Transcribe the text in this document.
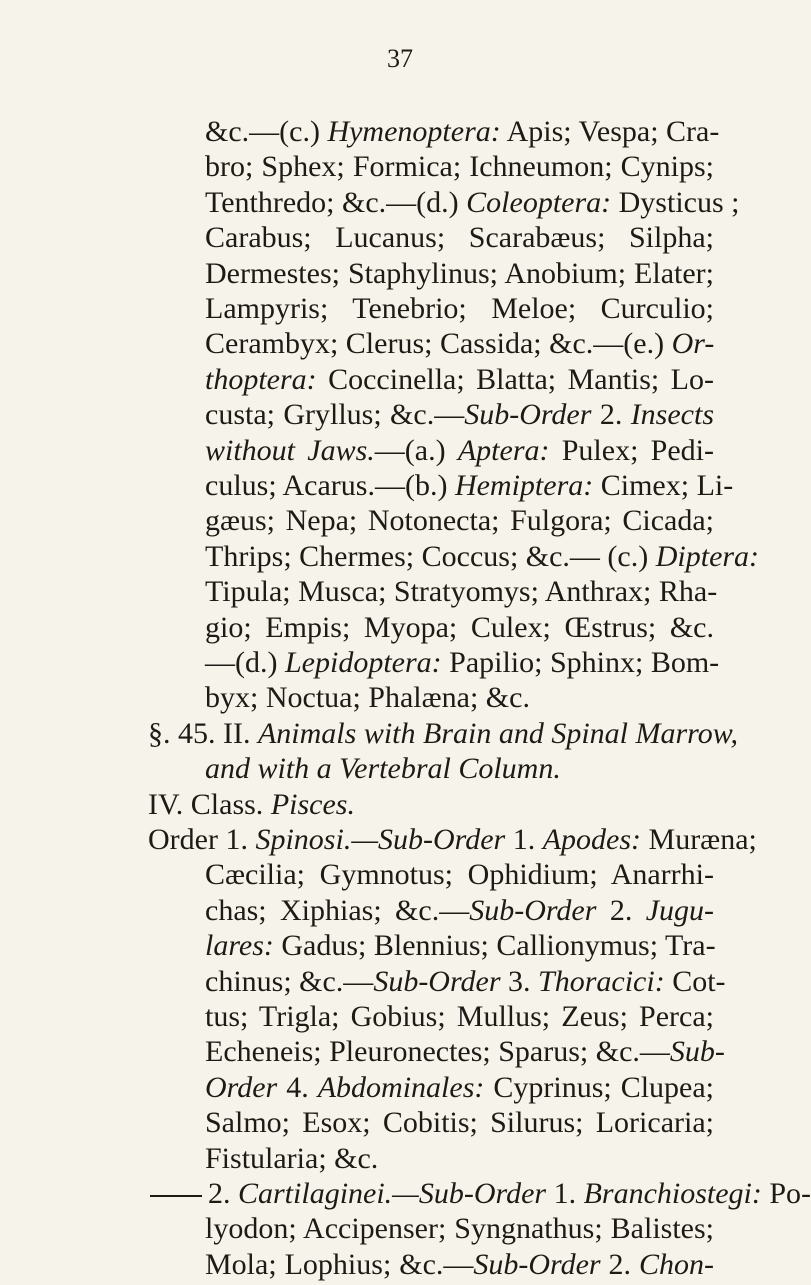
37
&c.—(c.) Hymenoptera: Apis; Vespa; Cra-
bro; Sphex; Formica; Ichneumon; Cynips;
Tenthredo; &c.—(d.) Coleoptera: Dysticus ;
Carabus; Lucanus; Scarabæus; Silpha;
Dermestes; Staphylinus; Anobium; Elater;
Lampyris; Tenebrio; Meloe; Curculio;
Cerambyx; Clerus; Cassida; &c.—(e.) Or-
thoptera: Coccinella; Blatta; Mantis; Lo-
custa; Gryllus; &c.—Sub-Order 2. Insects
without Jaws.—(a.) Aptera: Pulex; Pedi-
culus; Acarus.—(b.) Hemiptera: Cimex; Li-
gæus; Nepa; Notonecta; Fulgora; Cicada;
Thrips; Chermes; Coccus; &c.— (c.) Diptera:
Tipula; Musca; Stratyomys; Anthrax; Rha-
gio; Empis; Myopa; Culex; Œstrus; &c.
—(d.) Lepidoptera: Papilio; Sphinx; Bom-
byx; Noctua; Phalæna; &c.
§. 45. II. Animals with Brain and Spinal Marrow,
and with a Vertebral Column.
IV. Class. Pisces.
Order 1. Spinosi.—Sub-Order 1. Apodes: Muræna;
Cæcilia; Gymnotus; Ophidium; Anarrhi-
chas; Xiphias; &c.—Sub-Order 2. Jugu-
lares: Gadus; Blennius; Callionymus; Tra-
chinus; &c.—Sub-Order 3. Thoracici: Cot-
tus; Trigla; Gobius; Mullus; Zeus; Perca;
Echeneis; Pleuronectes; Sparus; &c.—Sub-
Order 4. Abdominales: Cyprinus; Clupea;
Salmo; Esox; Cobitis; Silurus; Loricaria;
Fistularia; &c.
2. Cartilaginei.—Sub-Order 1. Branchiostegi: Po-
lyodon; Accipenser; Syngnathus; Balistes;
Mola; Lophius; &c.—Sub-Order 2. Chon-
